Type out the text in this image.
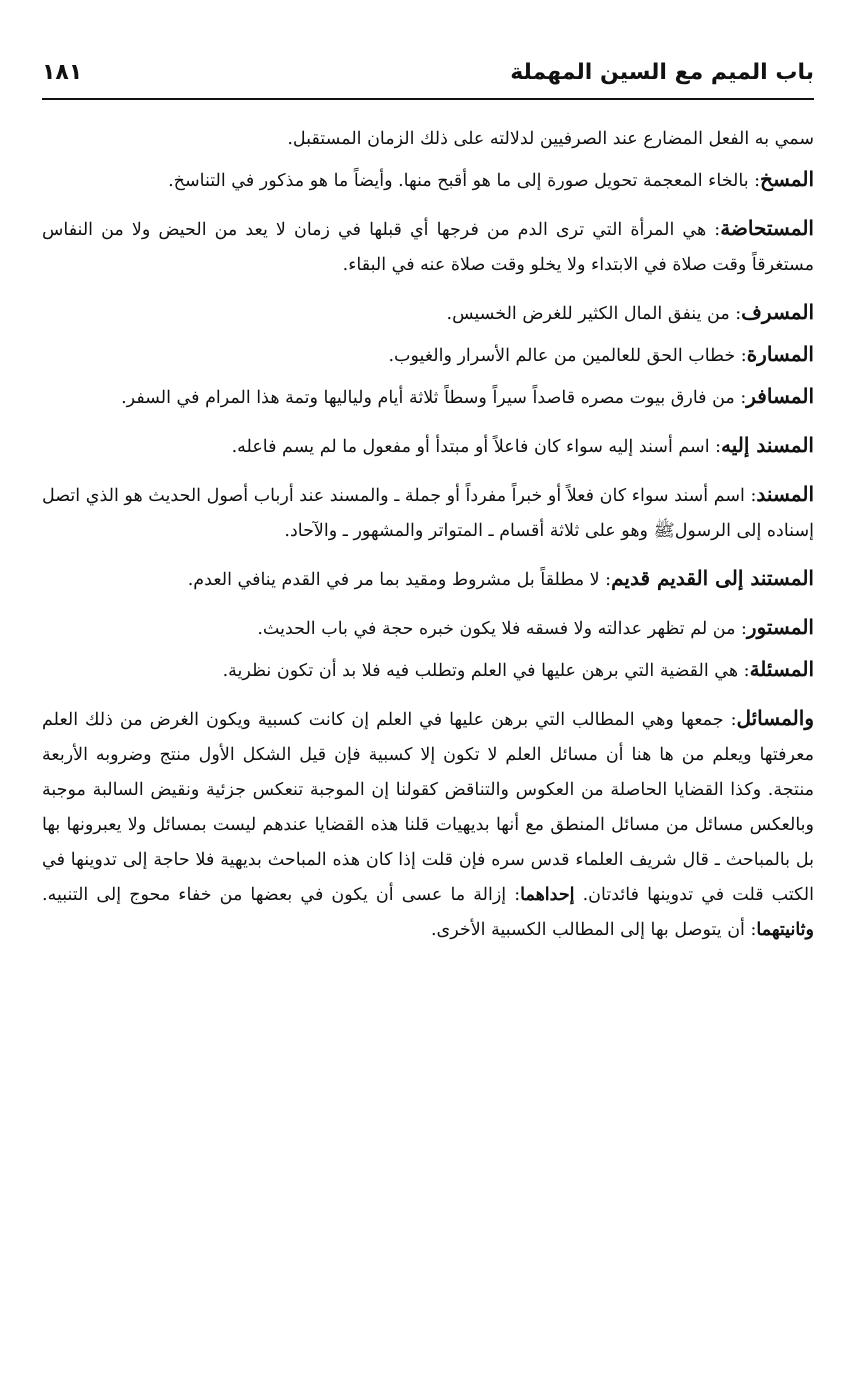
باب الميم مع السين المهملة
١٨١

سمي به الفعل المضارع عند الصرفيين لدلالته على ذلك الزمان المستقبل.

المسخ: بالخاء المعجمة تحويل صورة إلى ما هو أقبح منها. وأيضاً ما هو مذكور في التناسخ.

المستحاضة: هي المرأة التي ترى الدم من فرجها أي قبلها في زمان لا يعد من الحيض ولا من النفاس مستغرقاً وقت صلاة في الابتداء ولا يخلو وقت صلاة عنه في البقاء.

المسرف: من ينفق المال الكثير للغرض الخسيس.

المسارة: خطاب الحق للعالمين من عالم الأسرار والغيوب.

المسافر: من فارق بيوت مصره قاصداً سيراً وسطاً ثلاثة أيام ولياليها وتمة هذا المرام في السفر.

المسند إليه: اسم أسند إليه سواء كان فاعلاً أو مبتدأ أو مفعول ما لم يسم فاعله.

المسند: اسم أسند سواء كان فعلاً أو خبراً مفرداً أو جملة ـ والمسند عند أرباب أصول الحديث هو الذي اتصل إسناده إلى الرسولﷺ وهو على ثلاثة أقسام ـ المتواتر والمشهور ـ والآحاد.

المستند إلى القديم قديم: لا مطلقاً بل مشروط ومقيد بما مر في القدم ينافي العدم.

المستور: من لم تظهر عدالته ولا فسقه فلا يكون خبره حجة في باب الحديث.

المسئلة: هي القضية التي برهن عليها في العلم وتطلب فيه فلا بد أن تكون نظرية.

والمسائل: جمعها وهي المطالب التي برهن عليها في العلم إن كانت كسبية ويكون الغرض من ذلك العلم معرفتها ويعلم من ها هنا أن مسائل العلم لا تكون إلا كسبية فإن قيل الشكل الأول منتج وضروبه الأربعة منتجة. وكذا القضايا الحاصلة من العكوس والتناقض كقولنا إن الموجبة تنعكس جزئية ونقيض السالبة موجبة وبالعكس مسائل من مسائل المنطق مع أنها بديهيات قلنا هذه القضايا عندهم ليست بمسائل ولا يعبرونها بها بل بالمباحث ـ قال شريف العلماء قدس سره فإن قلت إذا كان هذه المباحث بديهية فلا حاجة إلى تدوينها في الكتب قلت في تدوينها فائدتان. إحداهما: إزالة ما عسى أن يكون في بعضها من خفاء محوج إلى التنبيه. وثانيتهما: أن يتوصل بها إلى المطالب الكسبية الأخرى.
